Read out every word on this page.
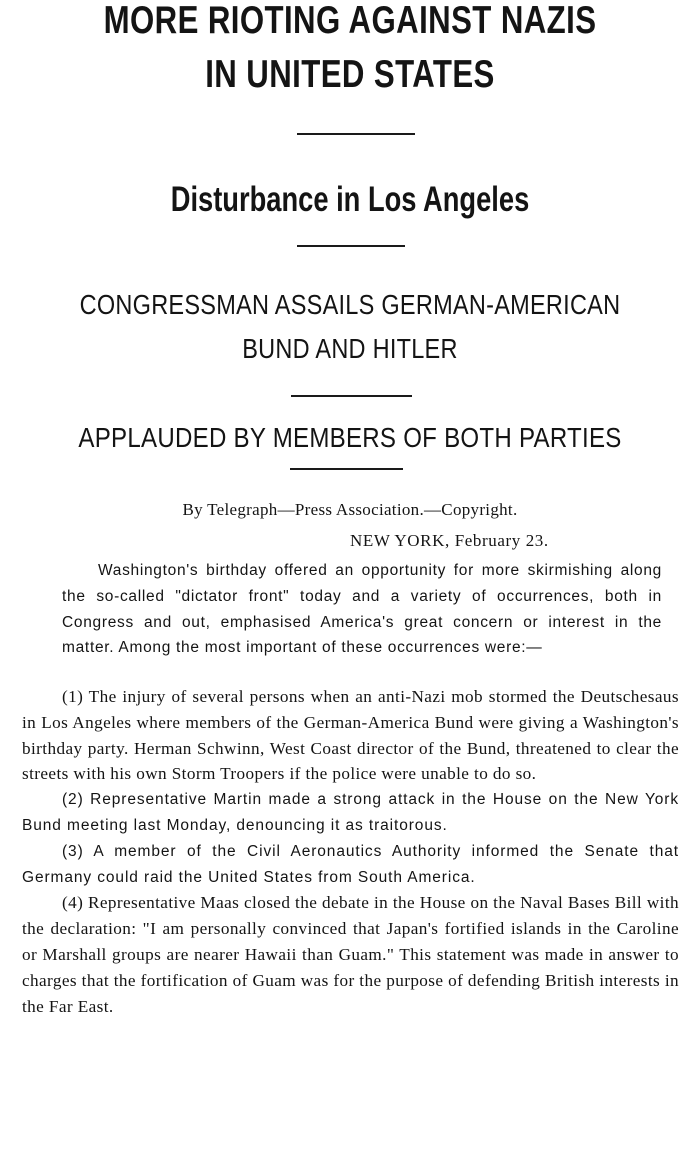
MORE RIOTING AGAINST NAZIS
IN UNITED STATES
Disturbance in Los Angeles
CONGRESSMAN ASSAILS GERMAN-AMERICAN
BUND AND HITLER
APPLAUDED BY MEMBERS OF BOTH PARTIES
By Telegraph—Press Association.—Copyright.
NEW YORK, February 23.

Washington's birthday offered an opportunity for more skirmishing along the so-called "dictator front" today and a variety of occurrences, both in Congress and out, emphasised America's great concern or interest in the matter. Among the most important of these occurrences were:—

(1) The injury of several persons when an anti-Nazi mob stormed the Deutschesaus in Los Angeles where members of the German-America Bund were giving a Washington's birthday party. Herman Schwinn, West Coast director of the Bund, threatened to clear the streets with his own Storm Troopers if the police were unable to do so.

(2) Representative Martin made a strong attack in the House on the New York Bund meeting last Monday, denouncing it as traitorous.

(3) A member of the Civil Aeronautics Authority informed the Senate that Germany could raid the United States from South America.

(4) Representative Maas closed the debate in the House on the Naval Bases Bill with the declaration: "I am personally convinced that Japan's fortified islands in the Caroline or Marshall groups are nearer Hawaii than Guam." This statement was made in answer to charges that the fortification of Guam was for the purpose of defending British interests in the Far East.
